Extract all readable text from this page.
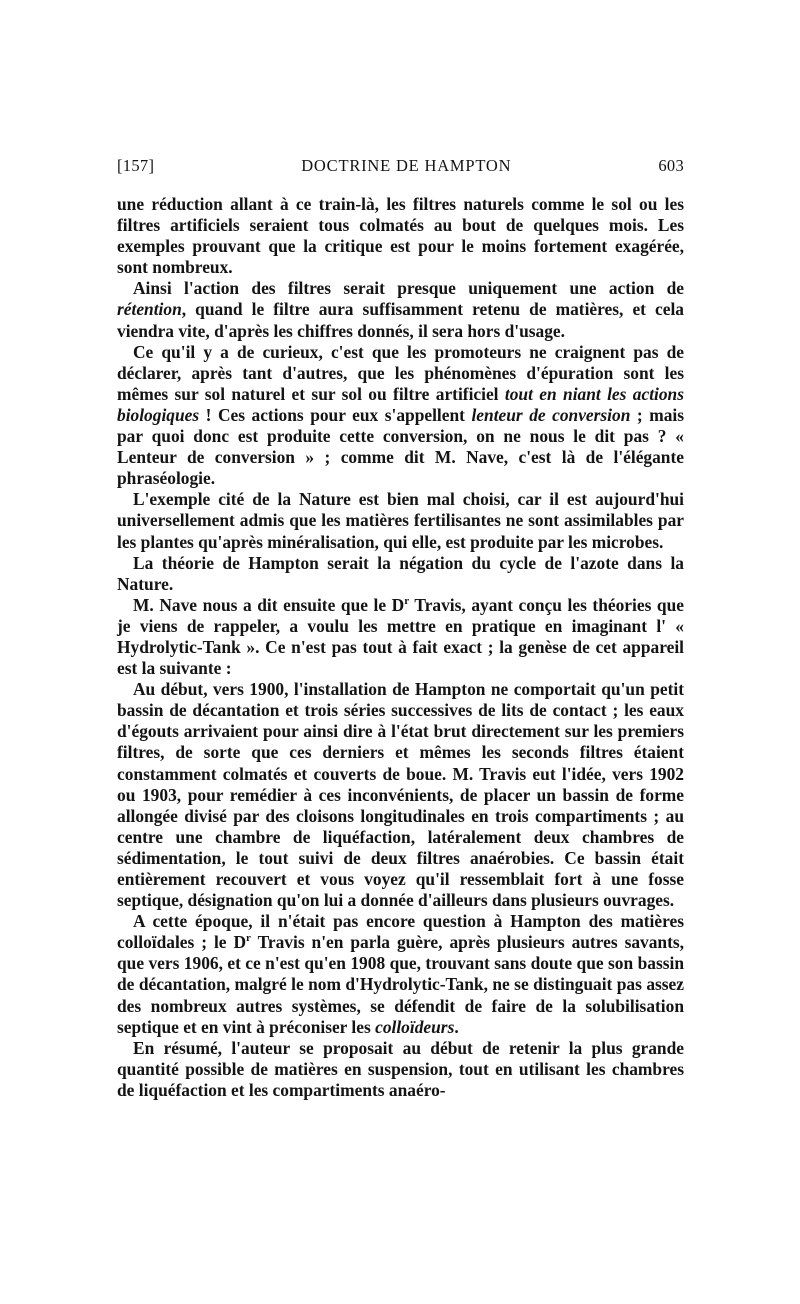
[157]	DOCTRINE DE HAMPTON	603

une réduction allant à ce train-là, les filtres naturels comme le sol ou les filtres artificiels seraient tous colmatés au bout de quelques mois. Les exemples prouvant que la critique est pour le moins fortement exagérée, sont nombreux.

Ainsi l'action des filtres serait presque uniquement une action de rétention, quand le filtre aura suffisamment retenu de matières, et cela viendra vite, d'après les chiffres donnés, il sera hors d'usage.

Ce qu'il y a de curieux, c'est que les promoteurs ne craignent pas de déclarer, après tant d'autres, que les phénomènes d'épuration sont les mêmes sur sol naturel et sur sol ou filtre artificiel tout en niant les actions biologiques ! Ces actions pour eux s'appellent lenteur de conversion ; mais par quoi donc est produite cette conversion, on ne nous le dit pas ? « Lenteur de conversion » ; comme dit M. Nave, c'est là de l'élégante phraséologie.

L'exemple cité de la Nature est bien mal choisi, car il est aujourd'hui universellement admis que les matières fertilisantes ne sont assimilables par les plantes qu'après minéralisation, qui elle, est produite par les microbes.

La théorie de Hampton serait la négation du cycle de l'azote dans la Nature.

M. Nave nous a dit ensuite que le $D^r$ Travis, ayant conçu les théories que je viens de rappeler, a voulu les mettre en pratique en imaginant l' « Hydrolytic-Tank ». Ce n'est pas tout à fait exact ; la genèse de cet appareil est la suivante :

Au début, vers 1900, l'installation de Hampton ne comportait qu'un petit bassin de décantation et trois séries successives de lits de contact ; les eaux d'égouts arrivaient pour ainsi dire à l'état brut directement sur les premiers filtres, de sorte que ces derniers et mêmes les seconds filtres étaient constamment colmatés et couverts de boue. M. Travis eut l'idée, vers 1902 ou 1903, pour remédier à ces inconvénients, de placer un bassin de forme allongée divisé par des cloisons longitudinales en trois compartiments ; au centre une chambre de liquéfaction, latéralement deux chambres de sédimentation, le tout suivi de deux filtres anaérobies. Ce bassin était entièrement recouvert et vous voyez qu'il ressemblait fort à une fosse septique, désignation qu'on lui a donnée d'ailleurs dans plusieurs ouvrages.

A cette époque, il n'était pas encore question à Hampton des matières colloïdales ; le $D^r$ Travis n'en parla guère, après plusieurs autres savants, que vers 1906, et ce n'est qu'en 1908 que, trouvant sans doute que son bassin de décantation, malgré le nom d'Hydrolytic-Tank, ne se distinguait pas assez des nombreux autres systèmes, se défendit de faire de la solubilisation septique et en vint à préconiser les colloïdeurs.

En résumé, l'auteur se proposait au début de retenir la plus grande quantité possible de matières en suspension, tout en utilisant les chambres de liquéfaction et les compartiments anaéro-
